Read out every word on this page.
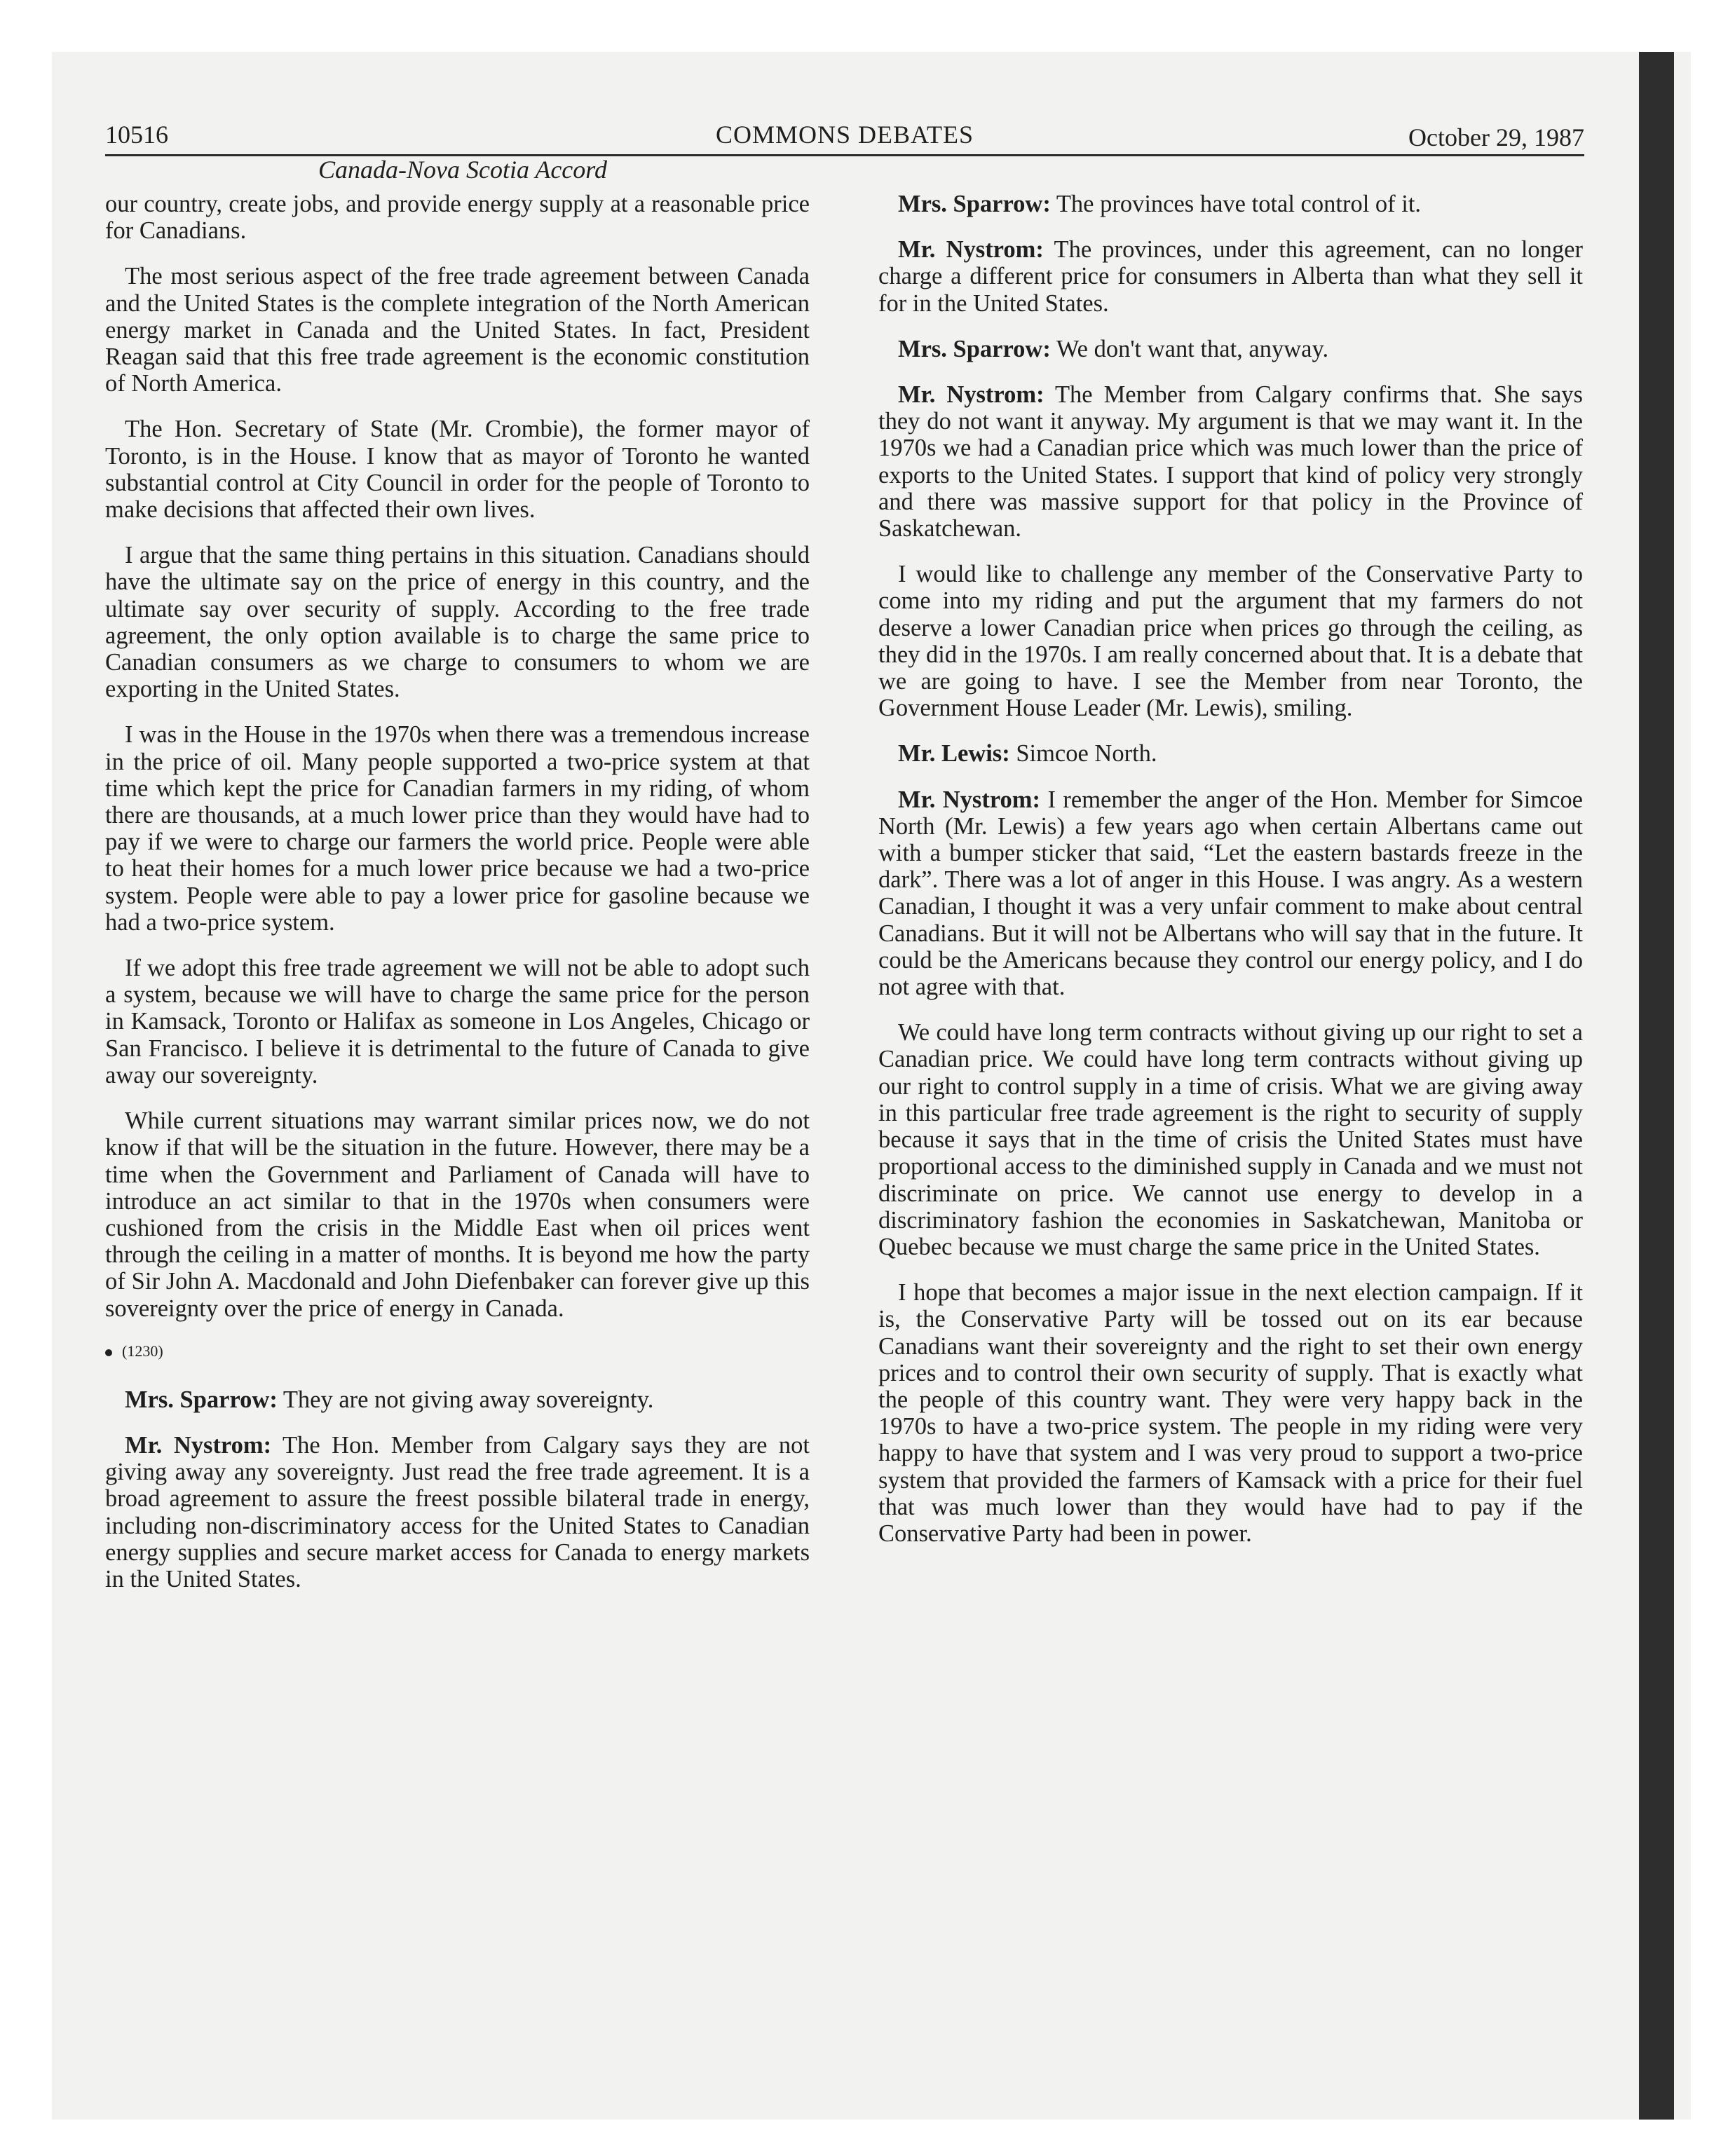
10516	COMMONS DEBATES	October 29, 1987
Canada-Nova Scotia Accord

our country, create jobs, and provide energy supply at a reasonable price for Canadians.

The most serious aspect of the free trade agreement between Canada and the United States is the complete integration of the North American energy market in Canada and the United States. In fact, President Reagan said that this free trade agreement is the economic constitution of North America.

The Hon. Secretary of State (Mr. Crombie), the former mayor of Toronto, is in the House. I know that as mayor of Toronto he wanted substantial control at City Council in order for the people of Toronto to make decisions that affected their own lives.

I argue that the same thing pertains in this situation. Canadians should have the ultimate say on the price of energy in this country, and the ultimate say over security of supply. According to the free trade agreement, the only option available is to charge the same price to Canadian consumers as we charge to consumers to whom we are exporting in the United States.

I was in the House in the 1970s when there was a tremendous increase in the price of oil. Many people supported a two-price system at that time which kept the price for Canadian farmers in my riding, of whom there are thousands, at a much lower price than they would have had to pay if we were to charge our farmers the world price. People were able to heat their homes for a much lower price because we had a two-price system. People were able to pay a lower price for gasoline because we had a two-price system.

If we adopt this free trade agreement we will not be able to adopt such a system, because we will have to charge the same price for the person in Kamsack, Toronto or Halifax as someone in Los Angeles, Chicago or San Francisco. I believe it is detrimental to the future of Canada to give away our sovereignty.

While current situations may warrant similar prices now, we do not know if that will be the situation in the future. However, there may be a time when the Government and Parliament of Canada will have to introduce an act similar to that in the 1970s when consumers were cushioned from the crisis in the Middle East when oil prices went through the ceiling in a matter of months. It is beyond me how the party of Sir John A. Macdonald and John Diefenbaker can forever give up this sovereignty over the price of energy in Canada.

(1230)

Mrs. Sparrow: They are not giving away sovereignty.

Mr. Nystrom: The Hon. Member from Calgary says they are not giving away any sovereignty. Just read the free trade agreement. It is a broad agreement to assure the freest possible bilateral trade in energy, including non-discriminatory access for the United States to Canadian energy supplies and secure market access for Canada to energy markets in the United States.

Mrs. Sparrow: The provinces have total control of it.

Mr. Nystrom: The provinces, under this agreement, can no longer charge a different price for consumers in Alberta than what they sell it for in the United States.

Mrs. Sparrow: We don't want that, anyway.

Mr. Nystrom: The Member from Calgary confirms that. She says they do not want it anyway. My argument is that we may want it. In the 1970s we had a Canadian price which was much lower than the price of exports to the United States. I support that kind of policy very strongly and there was massive support for that policy in the Province of Saskatchewan.

I would like to challenge any member of the Conservative Party to come into my riding and put the argument that my farmers do not deserve a lower Canadian price when prices go through the ceiling, as they did in the 1970s. I am really concerned about that. It is a debate that we are going to have. I see the Member from near Toronto, the Government House Leader (Mr. Lewis), smiling.

Mr. Lewis: Simcoe North.

Mr. Nystrom: I remember the anger of the Hon. Member for Simcoe North (Mr. Lewis) a few years ago when certain Albertans came out with a bumper sticker that said, “Let the eastern bastards freeze in the dark”. There was a lot of anger in this House. I was angry. As a western Canadian, I thought it was a very unfair comment to make about central Canadians. But it will not be Albertans who will say that in the future. It could be the Americans because they control our energy policy, and I do not agree with that.

We could have long term contracts without giving up our right to set a Canadian price. We could have long term contracts without giving up our right to control supply in a time of crisis. What we are giving away in this particular free trade agreement is the right to security of supply because it says that in the time of crisis the United States must have proportional access to the diminished supply in Canada and we must not discriminate on price. We cannot use energy to develop in a discriminatory fashion the economies in Saskatchewan, Manitoba or Quebec because we must charge the same price in the United States.

I hope that becomes a major issue in the next election campaign. If it is, the Conservative Party will be tossed out on its ear because Canadians want their sovereignty and the right to set their own energy prices and to control their own security of supply. That is exactly what the people of this country want. They were very happy back in the 1970s to have a two-price system. The people in my riding were very happy to have that system and I was very proud to support a two-price system that provided the farmers of Kamsack with a price for their fuel that was much lower than they would have had to pay if the Conservative Party had been in power.
